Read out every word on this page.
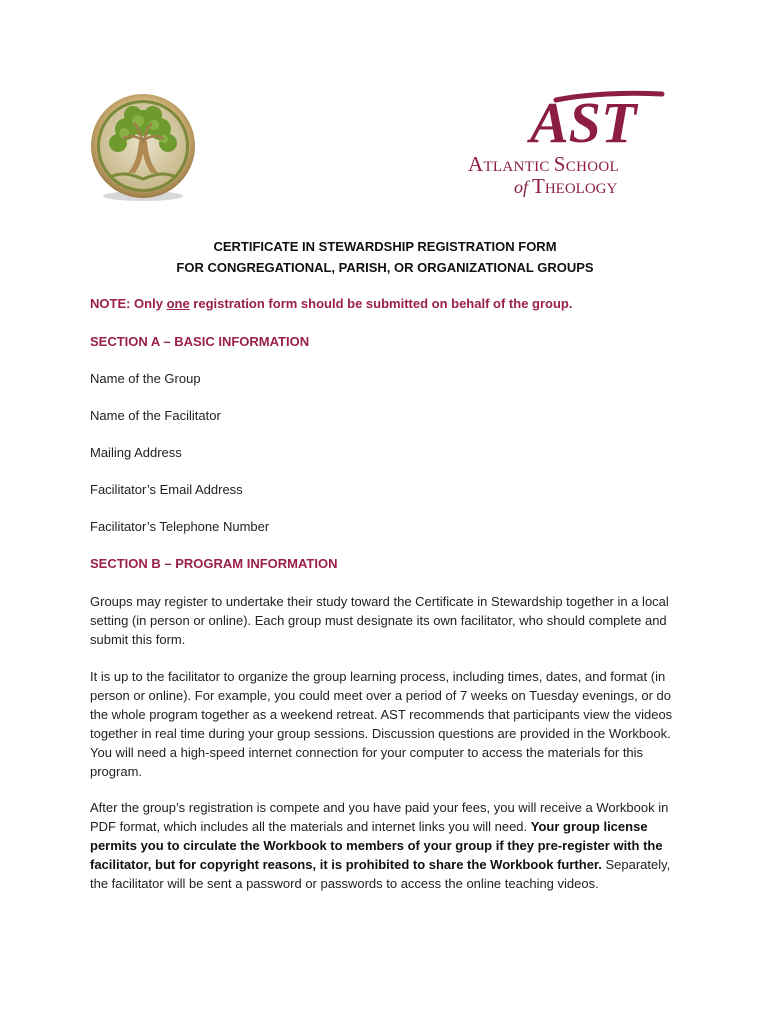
AST
ATLANTIC SCHOOL
of THEOLOGY
CERTIFICATE IN STEWARDSHIP REGISTRATION FORM
FOR CONGREGATIONAL, PARISH, OR ORGANIZATIONAL GROUPS
NOTE: Only one registration form should be submitted on behalf of the group.
SECTION A – BASIC INFORMATION
Name of the Group
Name of the Facilitator
Mailing Address
Facilitator’s Email Address
Facilitator’s Telephone Number
SECTION B – PROGRAM INFORMATION
Groups may register to undertake their study toward the Certificate in Stewardship together in a local setting (in person or online). Each group must designate its own facilitator, who should complete and submit this form.
It is up to the facilitator to organize the group learning process, including times, dates, and format (in person or online). For example, you could meet over a period of 7 weeks on Tuesday evenings, or do the whole program together as a weekend retreat. AST recommends that participants view the videos together in real time during your group sessions. Discussion questions are provided in the Workbook. You will need a high-speed internet connection for your computer to access the materials for this program.
After the group’s registration is compete and you have paid your fees, you will receive a Workbook in PDF format, which includes all the materials and internet links you will need. Your group license permits you to circulate the Workbook to members of your group if they pre-register with the facilitator, but for copyright reasons, it is prohibited to share the Workbook further. Separately, the facilitator will be sent a password or passwords to access the online teaching videos.
